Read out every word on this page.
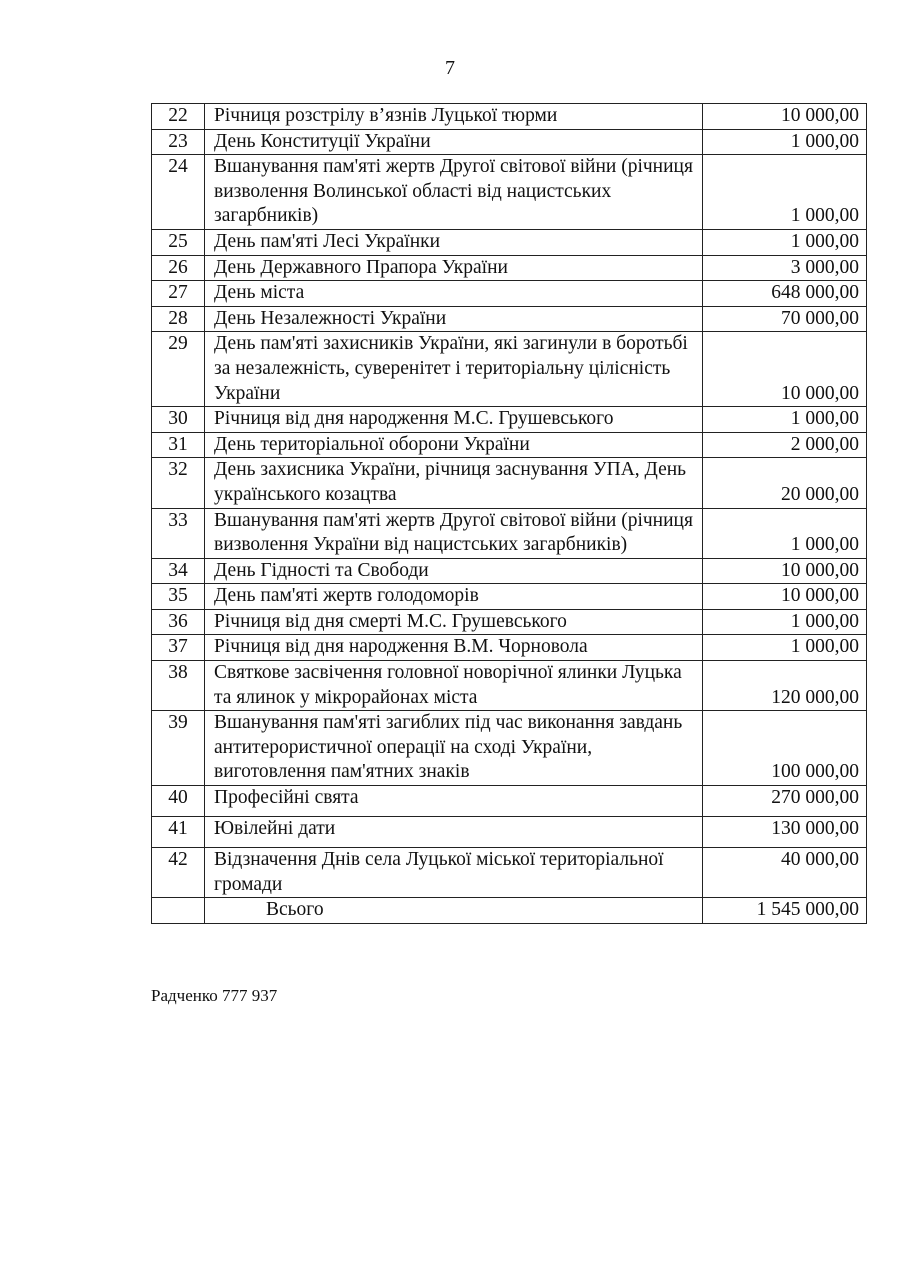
7
22	Річниця розстрілу в’язнів Луцької тюрми	10 000,00
23	День Конституції України	1 000,00
24	Вшанування пам'яті жертв Другої світової війни (річниця визволення Волинської області від нацистських загарбників)	1 000,00
25	День пам'яті Лесі Українки	1 000,00
26	День Державного Прапора України	3 000,00
27	День міста	648 000,00
28	День Незалежності України	70 000,00
29	День пам'яті захисників України, які загинули в боротьбі за незалежність, суверенітет і територіальну цілісність України	10 000,00
30	Річниця від дня народження М.С. Грушевського	1 000,00
31	День територіальної оборони України	2 000,00
32	День захисника України, річниця заснування УПА, День українського козацтва	20 000,00
33	Вшанування пам'яті жертв Другої світової війни (річниця визволення України від нацистських загарбників)	1 000,00
34	День Гідності та Свободи	10 000,00
35	День пам'яті жертв голодоморів	10 000,00
36	Річниця від дня смерті М.С. Грушевського	1 000,00
37	Річниця від дня народження В.М. Чорновола	1 000,00
38	Святкове засвічення головної новорічної ялинки Луцька та ялинок у мікрорайонах міста	120 000,00
39	Вшанування пам'яті загиблих під час виконання завдань антитерористичної операції на сході України, виготовлення пам'ятних знаків	100 000,00
40	Професійні свята	270 000,00
41	Ювілейні дати	130 000,00
42	Відзначення Днів села Луцької міської територіальної громади	40 000,00
	Всього	1 545 000,00
Радченко 777 937
